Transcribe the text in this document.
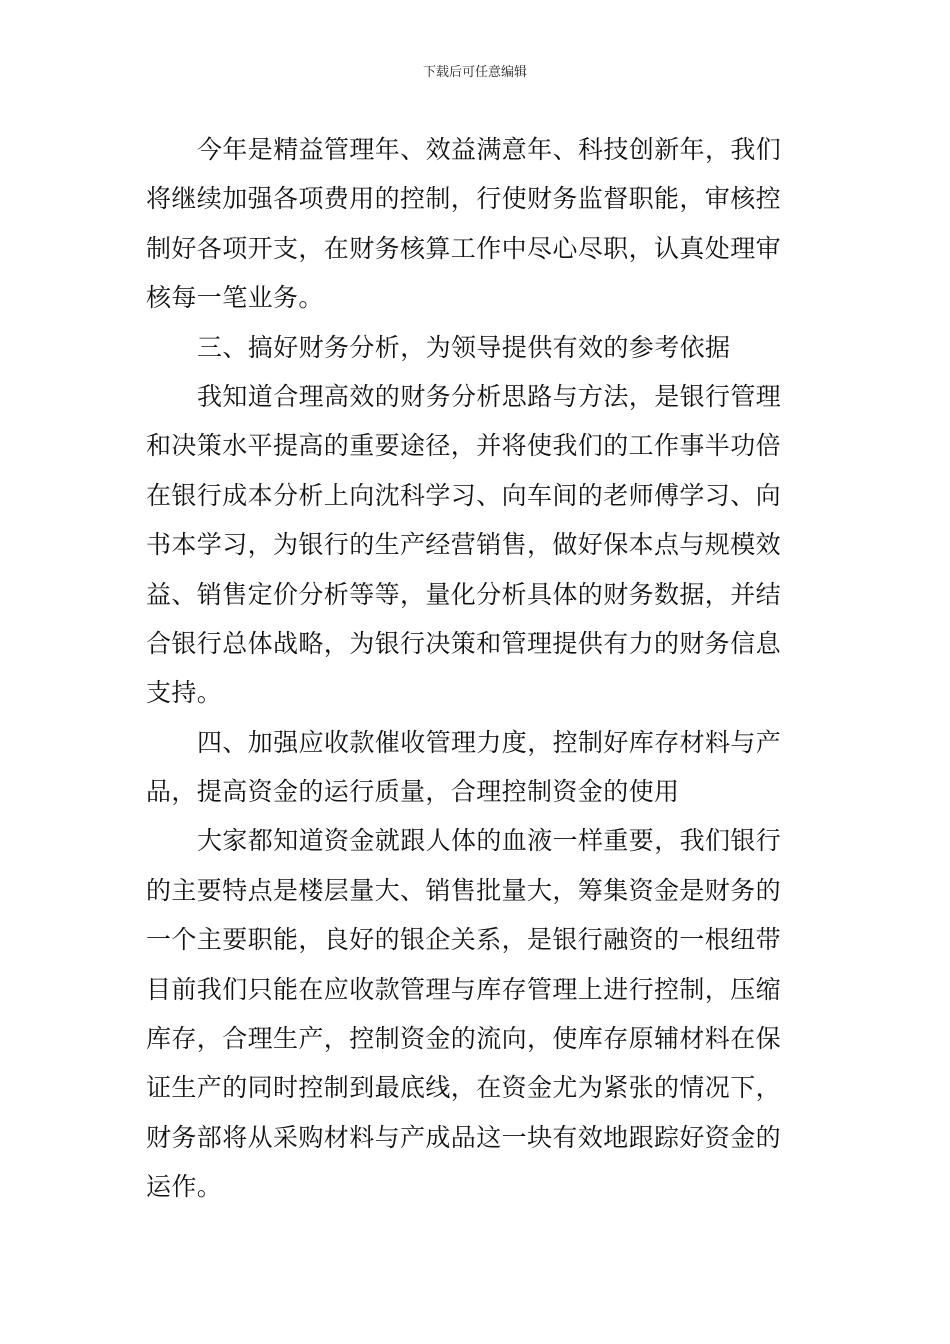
下载后可任意编辑
今年是精益管理年、效益满意年、科技创新年，我们
将继续加强各项费用的控制，行使财务监督职能，审核控
制好各项开支，在财务核算工作中尽心尽职，认真处理审
核每一笔业务。
三、搞好财务分析，为领导提供有效的参考依据
我知道合理高效的财务分析思路与方法，是银行管理
和决策水平提高的重要途径，并将使我们的工作事半功倍
在银行成本分析上向沈科学习、向车间的老师傅学习、向
书本学习，为银行的生产经营销售，做好保本点与规模效
益、销售定价分析等等，量化分析具体的财务数据，并结
合银行总体战略，为银行决策和管理提供有力的财务信息
支持。
四、加强应收款催收管理力度，控制好库存材料与产
品，提高资金的运行质量，合理控制资金的使用
大家都知道资金就跟人体的血液一样重要，我们银行
的主要特点是楼层量大、销售批量大，筹集资金是财务的
一个主要职能，良好的银企关系，是银行融资的一根纽带
目前我们只能在应收款管理与库存管理上进行控制，压缩
库存，合理生产，控制资金的流向，使库存原辅材料在保
证生产的同时控制到最底线，在资金尤为紧张的情况下，
财务部将从采购材料与产成品这一块有效地跟踪好资金的
运作。
